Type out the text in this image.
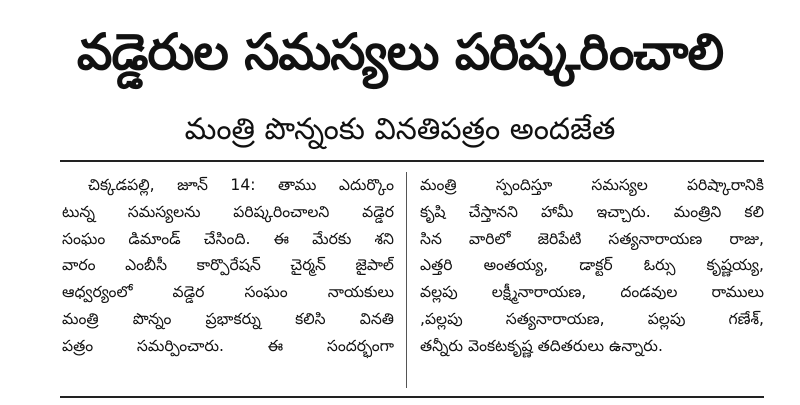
వడ్డెరుల సమస్యలు పరిష్కరించాలి
మంత్రి పొన్నంకు వినతిపత్రం అందజేత
చిక్కడపల్లి, జూన్ 14: తాము ఎదుర్కొం
టున్న సమస్యలను పరిష్కరించాలని వడ్డెర
సంఘం డిమాండ్ చేసింది. ఈ మేరకు శని
వారం ఎంబీసీ కార్పొరేషన్ చైర్మన్ జైపాల్
ఆధ్వర్యంలో వడ్డెర సంఘం నాయకులు
మంత్రి పొన్నం ప్రభాకర్ను కలిసి వినతి
పత్రం సమర్పించారు. ఈ సందర్భంగా
మంత్రి స్పందిస్తూ సమస్యల పరిష్కారానికి
కృషి చేస్తానని హామీ ఇచ్చారు. మంత్రిని కలి
సిన వారిలో జెరిపేటి సత్యనారాయణ రాజు,
ఎత్తరి అంతయ్య, డాక్టర్ ఓర్సు కృష్ణయ్య,
వల్లపు లక్ష్మీనారాయణ, దండవుల రాములు
,పల్లపు సత్యనారాయణ, పల్లపు గణేశ్,
తన్నీరు వెంకటకృష్ణ తదితరులు ఉన్నారు.
